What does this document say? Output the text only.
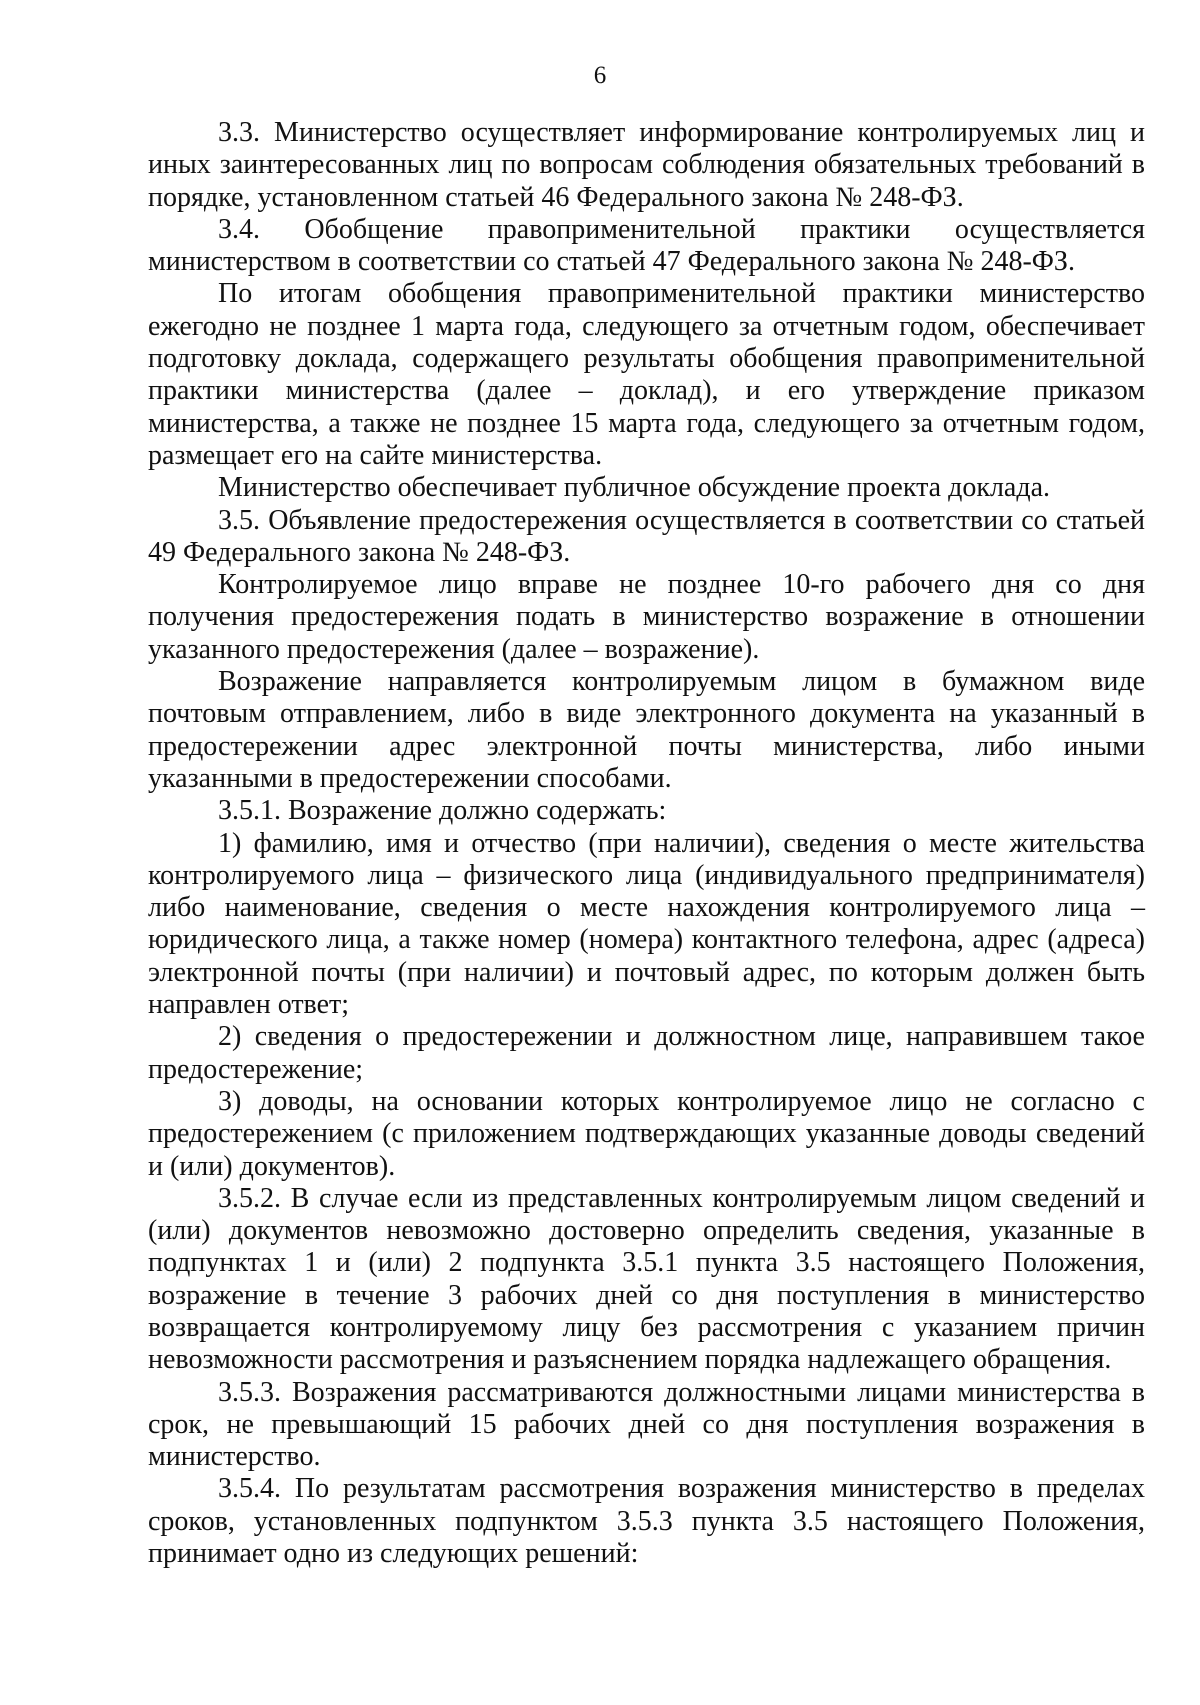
6

3.3. Министерство осуществляет информирование контролируемых лиц и иных заинтересованных лиц по вопросам соблюдения обязательных требований в порядке, установленном статьей 46 Федерального закона № 248-ФЗ.

3.4. Обобщение правоприменительной практики осуществляется министерством в соответствии со статьей 47 Федерального закона № 248-ФЗ.

По итогам обобщения правоприменительной практики министерство ежегодно не позднее 1 марта года, следующего за отчетным годом, обеспечивает подготовку доклада, содержащего результаты обобщения правоприменительной практики министерства (далее – доклад), и его утверждение приказом министерства, а также не позднее 15 марта года, следующего за отчетным годом, размещает его на сайте министерства.

Министерство обеспечивает публичное обсуждение проекта доклада.

3.5. Объявление предостережения осуществляется в соответствии со статьей 49 Федерального закона № 248-ФЗ.

Контролируемое лицо вправе не позднее 10-го рабочего дня со дня получения предостережения подать в министерство возражение в отношении указанного предостережения (далее – возражение).

Возражение направляется контролируемым лицом в бумажном виде почтовым отправлением, либо в виде электронного документа на указанный в предостережении адрес электронной почты министерства, либо иными указанными в предостережении способами.

3.5.1. Возражение должно содержать:

1) фамилию, имя и отчество (при наличии), сведения о месте жительства контролируемого лица – физического лица (индивидуального предпринимателя) либо наименование, сведения о месте нахождения контролируемого лица – юридического лица, а также номер (номера) контактного телефона, адрес (адреса) электронной почты (при наличии) и почтовый адрес, по которым должен быть направлен ответ;

2) сведения о предостережении и должностном лице, направившем такое предостережение;

3) доводы, на основании которых контролируемое лицо не согласно с предостережением (с приложением подтверждающих указанные доводы сведений и (или) документов).

3.5.2. В случае если из представленных контролируемым лицом сведений и (или) документов невозможно достоверно определить сведения, указанные в подпунктах 1 и (или) 2 подпункта 3.5.1 пункта 3.5 настоящего Положения, возражение в течение 3 рабочих дней со дня поступления в министерство возвращается контролируемому лицу без рассмотрения с указанием причин невозможности рассмотрения и разъяснением порядка надлежащего обращения.

3.5.3. Возражения рассматриваются должностными лицами министерства в срок, не превышающий 15 рабочих дней со дня поступления возражения в министерство.

3.5.4. По результатам рассмотрения возражения министерство в пределах сроков, установленных подпунктом 3.5.3 пункта 3.5 настоящего Положения, принимает одно из следующих решений:
